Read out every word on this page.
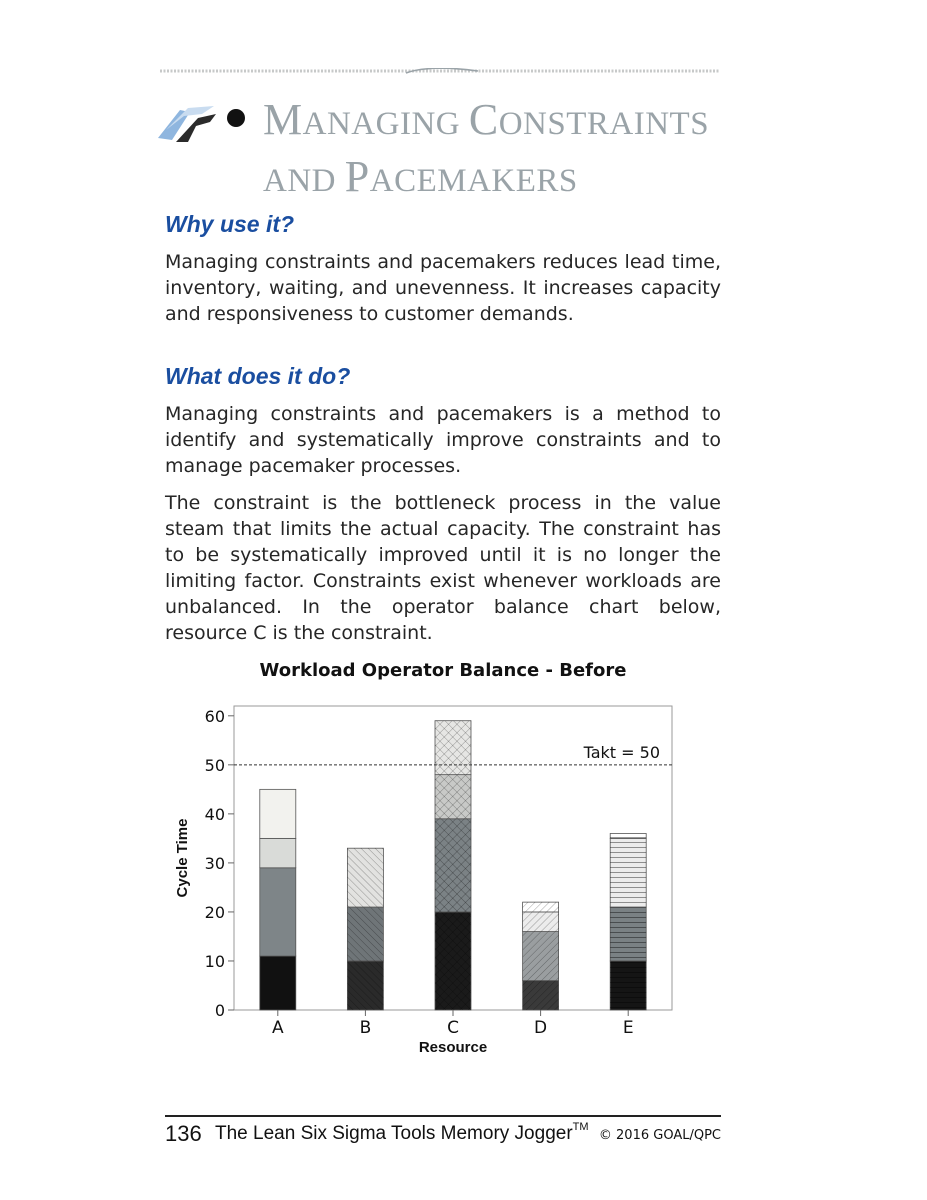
MANAGING CONSTRAINTS
AND PACEMAKERS
Why use it?

Managing constraints and pacemakers reduces lead time, inventory, waiting, and unevenness. It increases capacity and responsiveness to customer demands.

What does it do?

Managing constraints and pacemakers is a method to identify and systematically improve constraints and to manage pacemaker processes.

The constraint is the bottleneck process in the value steam that limits the actual capacity. The constraint has to be systematically improved until it is no longer the limiting factor. Constraints exist whenever workloads are unbalanced. In the operator balance chart below, resource C is the constraint.

Workload Operator Balance - Before
0
10
20
30
40
50
60
A	B	C	D	E
Takt = 50
Cycle Time
Resource
136 The Lean Six Sigma Tools Memory Jogger™
© 2016 GOAL/QPC
